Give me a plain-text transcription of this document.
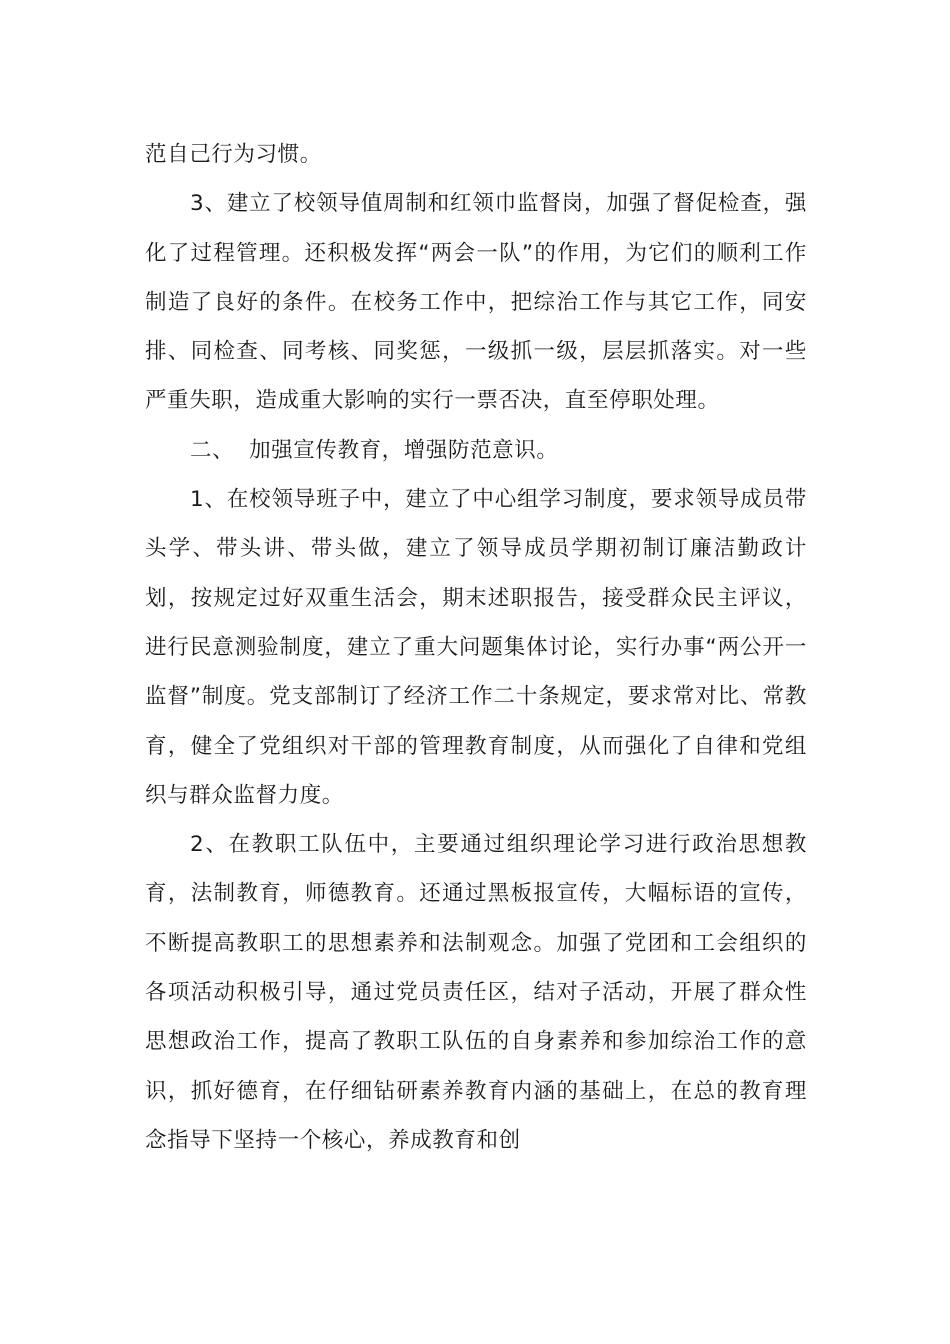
范自己行为习惯。

3、建立了校领导值周制和红领巾监督岗，加强了督促检查，强化了过程管理。还积极发挥“两会一队”的作用，为它们的顺利工作制造了良好的条件。在校务工作中，把综治工作与其它工作，同安排、同检查、同考核、同奖惩，一级抓一级，层层抓落实。对一些严重失职，造成重大影响的实行一票否决，直至停职处理。

二、  加强宣传教育，增强防范意识。

1、在校领导班子中，建立了中心组学习制度，要求领导成员带头学、带头讲、带头做，建立了领导成员学期初制订廉洁勤政计划，按规定过好双重生活会，期末述职报告，接受群众民主评议，进行民意测验制度，建立了重大问题集体讨论，实行办事“两公开一监督”制度。党支部制订了经济工作二十条规定，要求常对比、常教育，健全了党组织对干部的管理教育制度，从而强化了自律和党组织与群众监督力度。

2、在教职工队伍中，主要通过组织理论学习进行政治思想教育，法制教育，师德教育。还通过黑板报宣传，大幅标语的宣传，不断提高教职工的思想素养和法制观念。加强了党团和工会组织的各项活动积极引导，通过党员责任区，结对子活动，开展了群众性思想政治工作，提高了教职工队伍的自身素养和参加综治工作的意识，抓好德育，在仔细钻研素养教育内涵的基础上，在总的教育理念指导下坚持一个核心，养成教育和创
